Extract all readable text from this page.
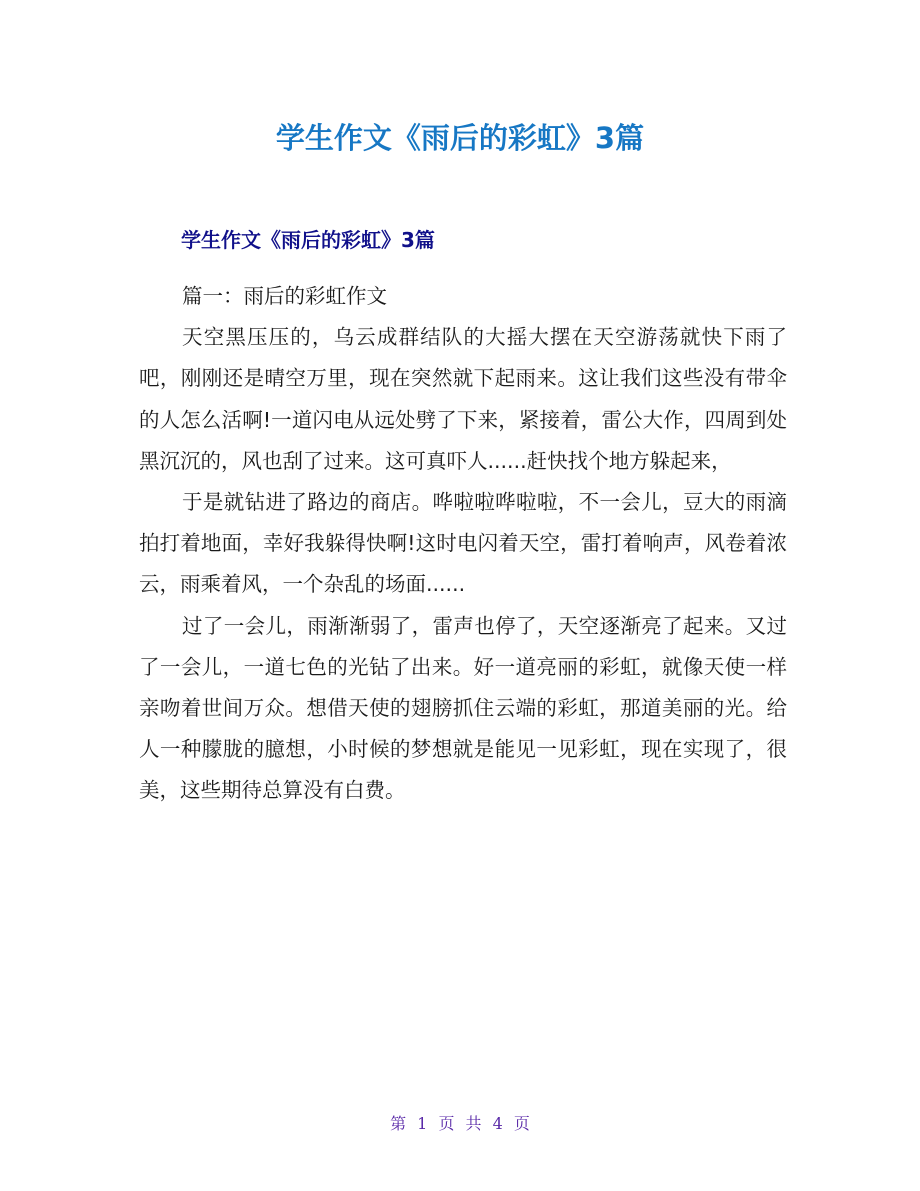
学生作文《雨后的彩虹》3篇
学生作文《雨后的彩虹》3篇

篇一：雨后的彩虹作文

天空黑压压的，乌云成群结队的大摇大摆在天空游荡就快下雨了吧，刚刚还是晴空万里，现在突然就下起雨来。这让我们这些没有带伞的人怎么活啊!一道闪电从远处劈了下来，紧接着，雷公大作，四周到处黑沉沉的，风也刮了过来。这可真吓人......赶快找个地方躲起来，

于是就钻进了路边的商店。哗啦啦哗啦啦，不一会儿，豆大的雨滴拍打着地面，幸好我躲得快啊!这时电闪着天空，雷打着响声，风卷着浓云，雨乘着风，一个杂乱的场面......

过了一会儿，雨渐渐弱了，雷声也停了，天空逐渐亮了起来。又过了一会儿，一道七色的光钻了出来。好一道亮丽的彩虹，就像天使一样亲吻着世间万众。想借天使的翅膀抓住云端的彩虹，那道美丽的光。给人一种朦胧的臆想，小时候的梦想就是能见一见彩虹，现在实现了，很美，这些期待总算没有白费。

第 1 页 共 4 页
